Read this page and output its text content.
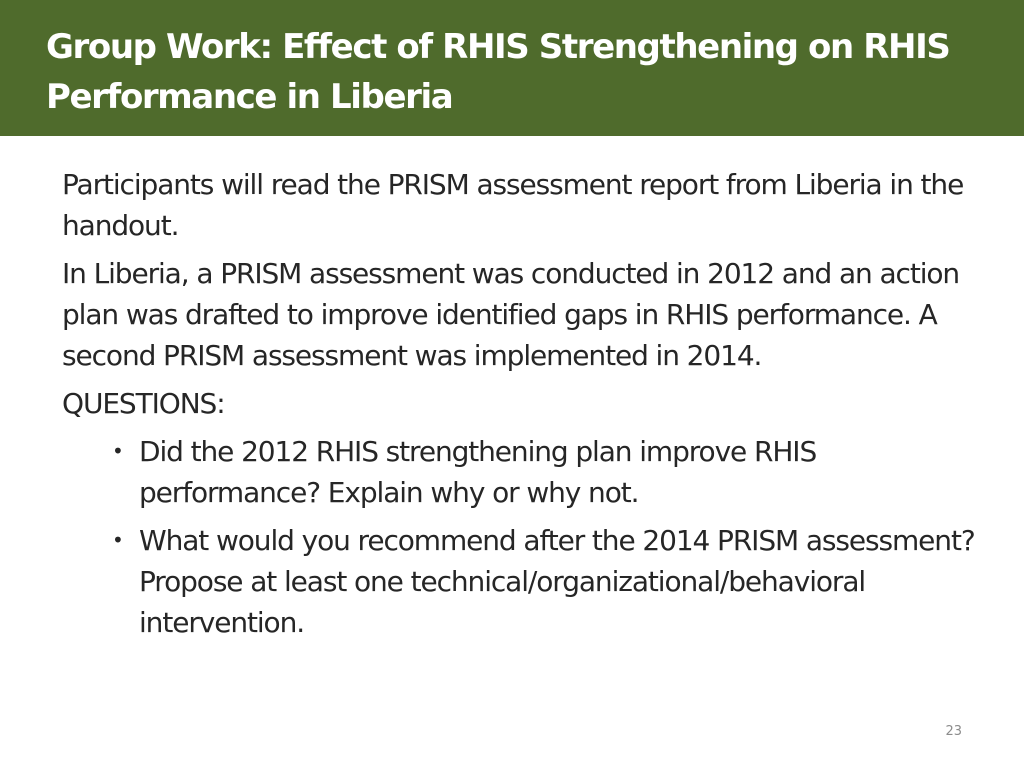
Group Work: Effect of RHIS Strengthening on RHIS Performance in Liberia

Participants will read the PRISM assessment report from Liberia in the handout.

In Liberia, a PRISM assessment was conducted in 2012 and an action plan was drafted to improve identified gaps in RHIS performance. A second PRISM assessment was implemented in 2014.

QUESTIONS:

• Did the 2012 RHIS strengthening plan improve RHIS performance? Explain why or why not.
• What would you recommend after the 2014 PRISM assessment? Propose at least one technical/organizational/behavioral intervention.
23
